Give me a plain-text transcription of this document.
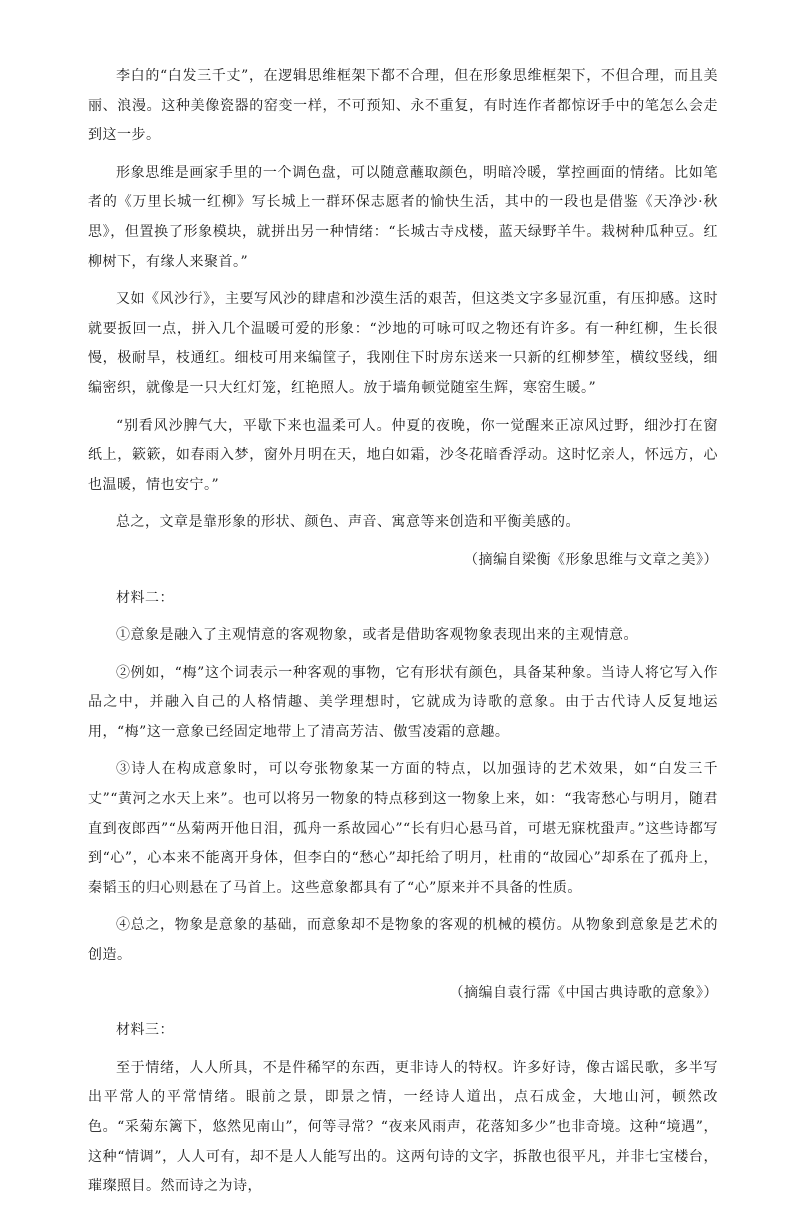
李白的“白发三千丈”，在逻辑思维框架下都不合理，但在形象思维框架下，不但合理，而且美丽、浪漫。这种美像瓷器的窑变一样，不可预知、永不重复，有时连作者都惊讶手中的笔怎么会走到这一步。

形象思维是画家手里的一个调色盘，可以随意蘸取颜色，明暗冷暖，掌控画面的情绪。比如笔者的《万里长城一红柳》写长城上一群环保志愿者的愉快生活，其中的一段也是借鉴《天净沙·秋思》，但置换了形象模块，就拼出另一种情绪：“长城古寺戍楼，蓝天绿野羊牛。栽树种瓜种豆。红柳树下，有缘人来聚首。”

又如《风沙行》，主要写风沙的肆虐和沙漠生活的艰苦，但这类文字多显沉重，有压抑感。这时就要扳回一点，拼入几个温暖可爱的形象：“沙地的可咏可叹之物还有许多。有一种红柳，生长很慢，极耐旱，枝通红。细枝可用来编筐子，我刚住下时房东送来一只新的红柳梦笙，横纹竖线，细编密织，就像是一只大红灯笼，红艳照人。放于墙角顿觉随室生辉，寒窑生暖。”

“别看风沙脾气大，平歇下来也温柔可人。仲夏的夜晚，你一觉醒来正凉风过野，细沙打在窗纸上，簌簌，如春雨入梦，窗外月明在天，地白如霜，沙冬花暗香浮动。这时忆亲人，怀远方，心也温暖，情也安宁。”

总之，文章是靠形象的形状、颜色、声音、寓意等来创造和平衡美感的。

（摘编自梁衡《形象思维与文章之美》）

材料二：

①意象是融入了主观情意的客观物象，或者是借助客观物象表现出来的主观情意。

②例如，“梅”这个词表示一种客观的事物，它有形状有颜色，具备某种象。当诗人将它写入作品之中，并融入自己的人格情趣、美学理想时，它就成为诗歌的意象。由于古代诗人反复地运用，“梅”这一意象已经固定地带上了清高芳洁、傲雪凌霜的意趣。

③诗人在构成意象时，可以夸张物象某一方面的特点，以加强诗的艺术效果，如“白发三千丈”“黄河之水天上来”。也可以将另一物象的特点移到这一物象上来，如：“我寄愁心与明月，随君直到夜郎西”“丛菊两开他日泪，孤舟一系故园心”“长有归心悬马首，可堪无寐枕蛩声。”这些诗都写到“心”，心本来不能离开身体，但李白的“愁心”却托给了明月，杜甫的“故园心”却系在了孤舟上，秦韬玉的归心则悬在了马首上。这些意象都具有了“心”原来并不具备的性质。

④总之，物象是意象的基础，而意象却不是物象的客观的机械的模仿。从物象到意象是艺术的创造。

（摘编自袁行霈《中国古典诗歌的意象》）

材料三：

至于情绪，人人所具，不是件稀罕的东西，更非诗人的特权。许多好诗，像古谣民歌，多半写出平常人的平常情绪。眼前之景，即景之情，一经诗人道出，点石成金，大地山河，顿然改色。“采菊东篱下，悠然见南山”，何等寻常？“夜来风雨声，花落知多少”也非奇境。这种“境遇”，这种“情调”，人人可有，却不是人人能写出的。这两句诗的文字，拆散也很平凡，并非七宝楼台，璀璨照目。然而诗之为诗，
